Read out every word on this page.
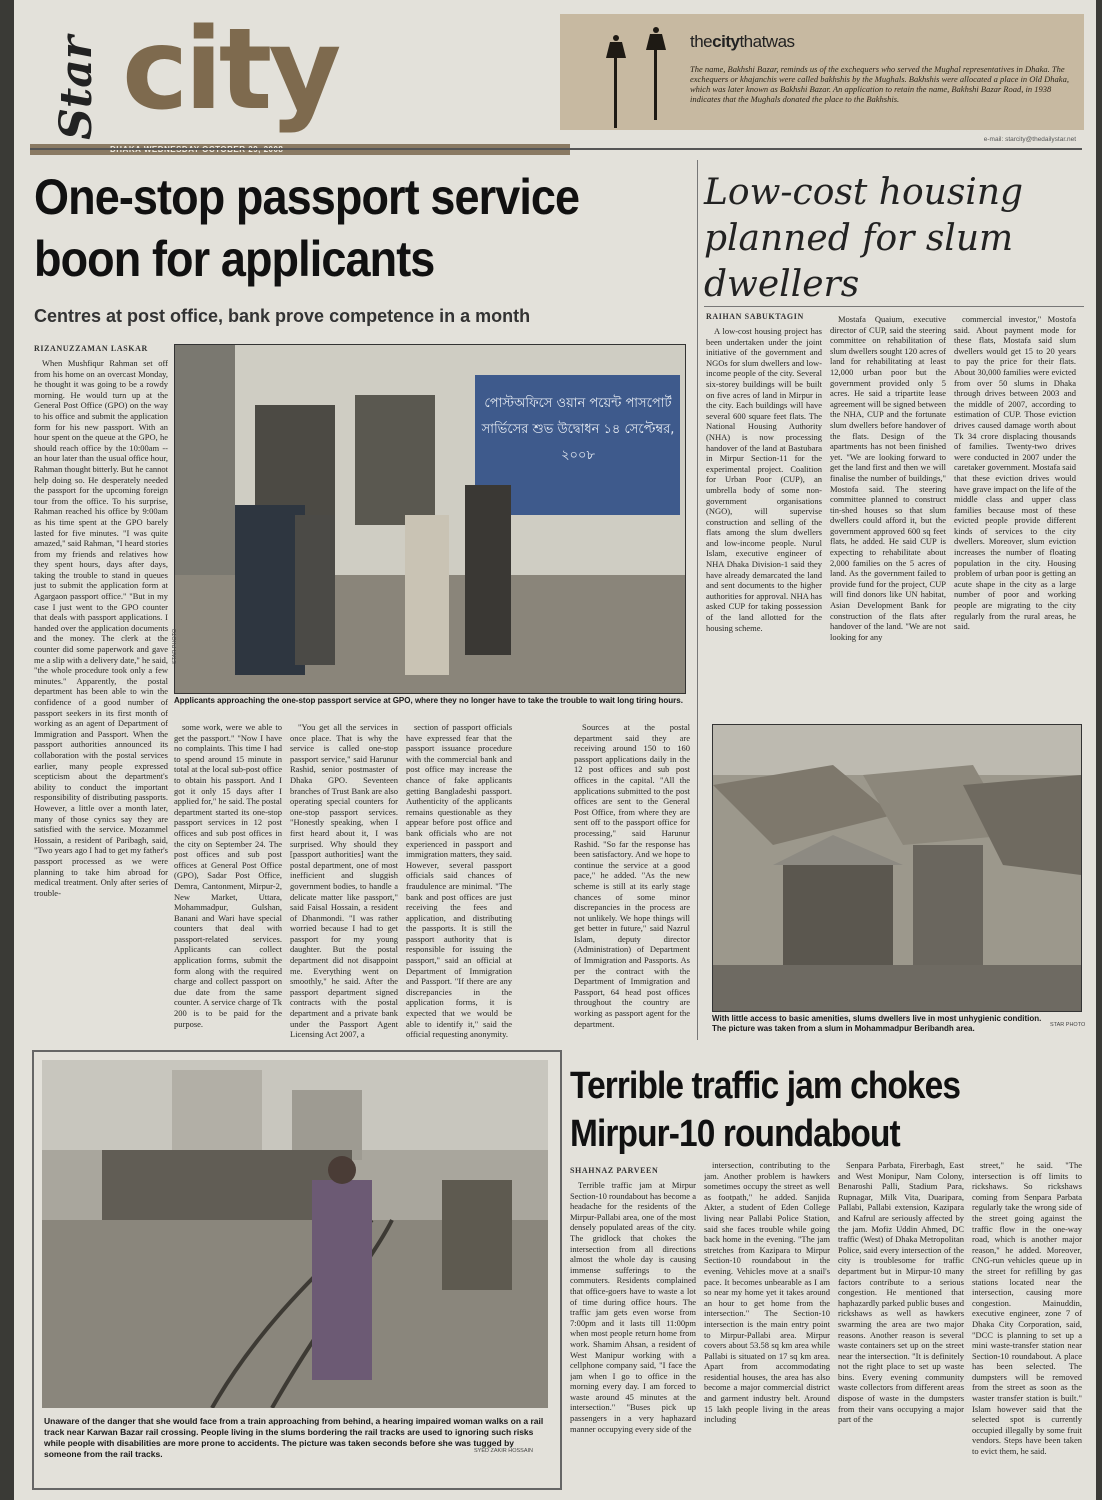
Star city	thecitythatwas
The name, Bakhshi Bazar, reminds us of the exchequers who served the Mughal representatives in Dhaka. The exchequers or khajanchis were called bakhshis by the Mughals. Bakhshis were allocated a place in Old Dhaka, which was later known as Bakhshi Bazar. An application to retain the name, Bakhshi Bazar Road, in 1938 indicates that the Mughals donated the place to the Bakhshis.
e-mail: starcity@thedailystar.net
One-stop passport service boon for applicants
Centres at post office, bank prove competence in a month
RIZANUZZAMAN LASKAR

When Mushfiqur Rahman set off from his home on an overcast Monday, he thought it was going to be a rowdy morning. He would turn up at the General Post Office (GPO) on the way to his office and submit the application form for his new passport. With an hour spent on the queue at the GPO, he should reach office by the 10:00am -- an hour later than the usual office hour, Rahman thought bitterly. But he cannot help doing so. He desperately needed the passport for the upcoming foreign tour from the office. To his surprise, Rahman reached his office by 9:00am as his time spent at the GPO barely lasted for five minutes. "I was quite amazed," said Rahman, "I heard stories from my friends and relatives how they spent hours, days after days, taking the trouble to stand in queues just to submit the application form at Agargaon passport office." "But in my case I just went to the GPO counter that deals with passport applications. I handed over the application documents and the money. The clerk at the counter did some paperwork and gave me a slip with a delivery date," he said, "the whole procedure took only a few minutes." Apparently, the postal department has been able to win the confidence of a good number of passport seekers in its first month of working as an agent of Department of Immigration and Passport. When the passport authorities announced its collaboration with the postal services earlier, many people expressed scepticism about the department's ability to conduct the important responsibility of distributing passports. However, a little over a month later, many of those cynics say they are satisfied with the service. Mozammel Hossain, a resident of Paribagh, said, "Two years ago I had to get my father's passport processed as we were planning to take him abroad for medical treatment. Only after series of trouble-

পোস্টঅফিসে ওয়ান পয়েন্ট পাসপোর্ট সার্ভিসের শুভ উদ্বোধন ১৪ সেপ্টেম্বর, ২০০৮
STAR PHOTO
Applicants approaching the one-stop passport service at GPO, where they no longer have to take the trouble to wait long tiring hours.

some work, were we able to get the passport." "Now I have no complaints. This time I had to spend around 15 minute in total at the local sub-post office to obtain his passport. And I got it only 15 days after I applied for," he said. The postal department started its one-stop passport services in 12 post offices and sub post offices in the city on September 24. The post offices and sub post offices at General Post Office (GPO), Sadar Post Office, Demra, Cantonment, Mirpur-2, New Market, Uttara, Mohammadpur, Gulshan, Banani and Wari have special counters that deal with passport-related services. Applicants can collect application forms, submit the form along with the required charge and collect passport on due date from the same counter. A service charge of Tk 200 is to be paid for the purpose.

"You get all the services in once place. That is why the service is called one-stop passport service," said Harunur Rashid, senior postmaster of Dhaka GPO. Seventeen branches of Trust Bank are also operating special counters for one-stop passport services. "Honestly speaking, when I first heard about it, I was surprised. Why should they [passport authorities] want the postal department, one of most inefficient and sluggish government bodies, to handle a delicate matter like passport," said Faisal Hossain, a resident of Dhanmondi. "I was rather worried because I had to get passport for my young daughter. But the postal department did not disappoint me. Everything went on smoothly," he said. After the passport department signed contracts with the postal department and a private bank under the Passport Agent Licensing Act 2007, a

section of passport officials have expressed fear that the passport issuance procedure with the commercial bank and post office may increase the chance of fake applicants getting Bangladeshi passport. Authenticity of the applicants remains questionable as they appear before post office and bank officials who are not experienced in passport and immigration matters, they said. However, several passport officials said chances of fraudulence are minimal. "The bank and post offices are just receiving the fees and application, and distributing the passports. It is still the passport authority that is responsible for issuing the passport," said an official at Department of Immigration and Passport. "If there are any discrepancies in the application forms, it is expected that we would be able to identify it," said the official requesting anonymity.

Sources at the postal department said they are receiving around 150 to 160 passport applications daily in the 12 post offices and sub post offices in the capital. "All the applications submitted to the post offices are sent to the General Post Office, from where they are sent off to the passport office for processing," said Harunur Rashid. "So far the response has been satisfactory. And we hope to continue the service at a good pace," he added. "As the new scheme is still at its early stage chances of some minor discrepancies in the process are not unlikely. We hope things will get better in future," said Nazrul Islam, deputy director (Administration) of Department of Immigration and Passports. As per the contract with the Department of Immigration and Passport, 64 head post offices throughout the country are working as passport agent for the department.

Low-cost housing planned for slum dwellers
RAIHAN SABUKTAGIN

A low-cost housing project has been undertaken under the joint initiative of the government and NGOs for slum dwellers and low-income people of the city. Several six-storey buildings will be built on five acres of land in Mirpur in the city. Each buildings will have several 600 square feet flats. The National Housing Authority (NHA) is now processing handover of the land at Bastubara in Mirpur Section-11 for the experimental project. Coalition for Urban Poor (CUP), an umbrella body of some non-government organisations (NGO), will supervise construction and selling of the flats among the slum dwellers and low-income people. Nurul Islam, executive engineer of NHA Dhaka Division-1 said they have already demarcated the land and sent documents to the higher authorities for approval. NHA has asked CUP for taking possession of the land allotted for the housing scheme.

Mostafa Quaium, executive director of CUP, said the steering committee on rehabilitation of slum dwellers sought 120 acres of land for rehabilitating at least 12,000 urban poor but the government provided only 5 acres. He said a tripartite lease agreement will be signed between the NHA, CUP and the fortunate slum dwellers before handover of the flats. Design of the apartments has not been finished yet. "We are looking forward to get the land first and then we will finalise the number of buildings," Mostofa said. The steering committee planned to construct tin-shed houses so that slum dwellers could afford it, but the government approved 600 sq feet flats, he added. He said CUP is expecting to rehabilitate about 2,000 families on the 5 acres of land. As the government failed to provide fund for the project, CUP will find donors like UN habitat, Asian Development Bank for construction of the flats after handover of the land. "We are not looking for any

commercial investor," Mostofa said. About payment mode for these flats, Mostafa said slum dwellers would get 15 to 20 years to pay the price for their flats. About 30,000 families were evicted from over 50 slums in Dhaka through drives between 2003 and the middle of 2007, according to estimation of CUP. Those eviction drives caused damage worth about Tk 34 crore displacing thousands of families. Twenty-two drives were conducted in 2007 under the caretaker government. Mostafa said that these eviction drives would have grave impact on the life of the middle class and upper class families because most of these evicted people provide different kinds of services to the city dwellers. Moreover, slum eviction increases the number of floating population in the city. Housing problem of urban poor is getting an acute shape in the city as a large number of poor and working people are migrating to the city regularly from the rural areas, he said.

With little access to basic amenities, slums dwellers live in most unhygienic condition. The picture was taken from a slum in Mohammadpur Beribandh area.	STAR PHOTO
Unaware of the danger that she would face from a train approaching from behind, a hearing impaired woman walks on a rail track near Karwan Bazar rail crossing. People living in the slums bordering the rail tracks are used to ignoring such risks while people with disabilities are more prone to accidents. The picture was taken seconds before she was tugged by someone from the rail tracks.	SYED ZAKIR HOSSAIN
Terrible traffic jam chokes Mirpur-10 roundabout
SHAHNAZ PARVEEN

Terrible traffic jam at Mirpur Section-10 roundabout has become a headache for the residents of the Mirpur-Pallabi area, one of the most densely populated areas of the city. The gridlock that chokes the intersection from all directions almost the whole day is causing immense sufferings to the commuters. Residents complained that office-goers have to waste a lot of time during office hours. The traffic jam gets even worse from 7:00pm and it lasts till 11:00pm when most people return home from work. Shamim Ahsan, a resident of West Manipur working with a cellphone company said, "I face the jam when I go to office in the morning every day. I am forced to waste around 45 minutes at the intersection." "Buses pick up passengers in a very haphazard manner occupying every side of the

intersection, contributing to the jam. Another problem is hawkers sometimes occupy the street as well as footpath," he added. Sanjida Akter, a student of Eden College living near Pallabi Police Station, said she faces trouble while going back home in the evening. "The jam stretches from Kazipara to Mirpur Section-10 roundabout in the evening. Vehicles move at a snail's pace. It becomes unbearable as I am so near my home yet it takes around an hour to get home from the intersection." The Section-10 intersection is the main entry point to Mirpur-Pallabi area. Mirpur covers about 53.58 sq km area while Pallabi is situated on 17 sq km area. Apart from accommodating residential houses, the area has also become a major commercial district and garment industry belt. Around 15 lakh people living in the areas including

Senpara Parbata, Firerbagh, East and West Monipur, Nam Colony, Benaroshi Palli, Stadium Para, Rupnagar, Milk Vita, Duaripara, Pallabi, Pallabi extension, Kazipara and Kafrul are seriously affected by the jam. Mofiz Uddin Ahmed, DC traffic (West) of Dhaka Metropolitan Police, said every intersection of the city is troublesome for traffic department but in Mirpur-10 many factors contribute to a serious congestion. He mentioned that haphazardly parked public buses and rickshaws as well as hawkers swarming the area are two major reasons. Another reason is several waste containers set up on the street near the intersection. "It is definitely not the right place to set up waste bins. Every evening community waste collectors from different areas dispose of waste in the dumpsters from their vans occupying a major part of the

street," he said. "The intersection is off limits to rickshaws. So rickshaws coming from Senpara Parbata regularly take the wrong side of the street going against the traffic flow in the one-way road, which is another major reason," he added. Moreover, CNG-run vehicles queue up in the street for refilling by gas stations located near the intersection, causing more congestion. Mainuddin, executive engineer, zone 7 of Dhaka City Corporation, said, "DCC is planning to set up a mini waste-transfer station near Section-10 roundabout. A place has been selected. The dumpsters will be removed from the street as soon as the waster transfer station is built." Islam however said that the selected spot is currently occupied illegally by some fruit vendors. Steps have been taken to evict them, he said.
